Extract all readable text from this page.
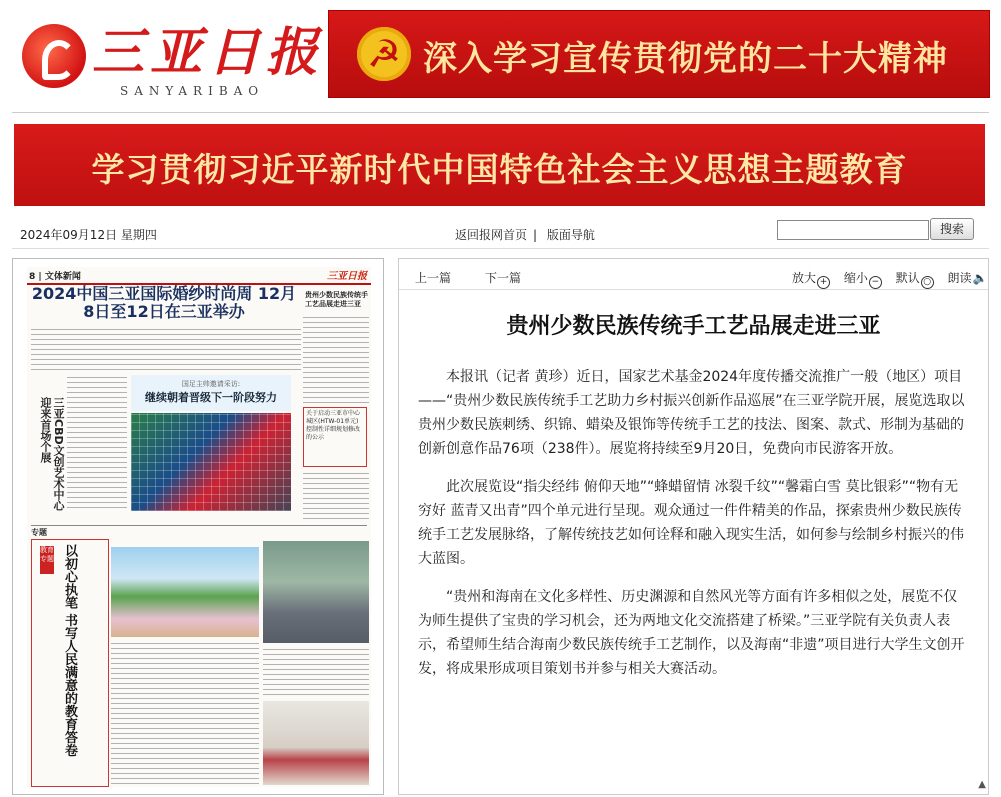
三亚日报
SANYARIBAO
☭
深入学习宣传贯彻党的二十大精神
学习贯彻习近平新时代中国特色社会主义思想主题教育
2024年09月12日 星期四	返回报网首页 | 版面导航	搜索
8 | 文体新闻	三亚日报
2024中国三亚国际婚纱时尚周 12月8日至12日在三亚举办
贵州少数民族传统手工艺品展走进三亚
三亚CBD文创艺术中心 迎来首场个展
国足主帅邀请采访:
继续朝着晋级下一阶段努力
关于启动三亚市中心城区(HTW-01单元)控制性详细规划修改的公示
专题
教育专题 以初心执笔 书写人民满意的教育答卷
上一篇	下一篇	放大 + 缩小 − 默认 ○ 朗读🔈
贵州少数民族传统手工艺品展走进三亚

本报讯（记者 黄珍）近日，国家艺术基金2024年度传播交流推广一般（地区）项目——“贵州少数民族传统手工艺助力乡村振兴创新作品巡展”在三亚学院开展，展览选取以贵州少数民族刺绣、织锦、蜡染及银饰等传统手工艺的技法、图案、款式、形制为基础的创新创意作品76项（238件）。展览将持续至9月20日，免费向市民游客开放。

此次展览设“指尖经纬 俯仰天地”“蜂蜡留情 冰裂千纹”“馨霜白雪 莫比银彩”“物有无穷好 蓝青又出青”四个单元进行呈现。观众通过一件件精美的作品，探索贵州少数民族传统手工艺发展脉络，了解传统技艺如何诠释和融入现实生活，如何参与绘制乡村振兴的伟大蓝图。

“贵州和海南在文化多样性、历史渊源和自然风光等方面有许多相似之处，展览不仅为师生提供了宝贵的学习机会，还为两地文化交流搭建了桥梁。”三亚学院有关负责人表示，希望师生结合海南少数民族传统手工艺制作，以及海南“非遗”项目进行大学生文创开发，将成果形成项目策划书并参与相关大赛活动。

▲
